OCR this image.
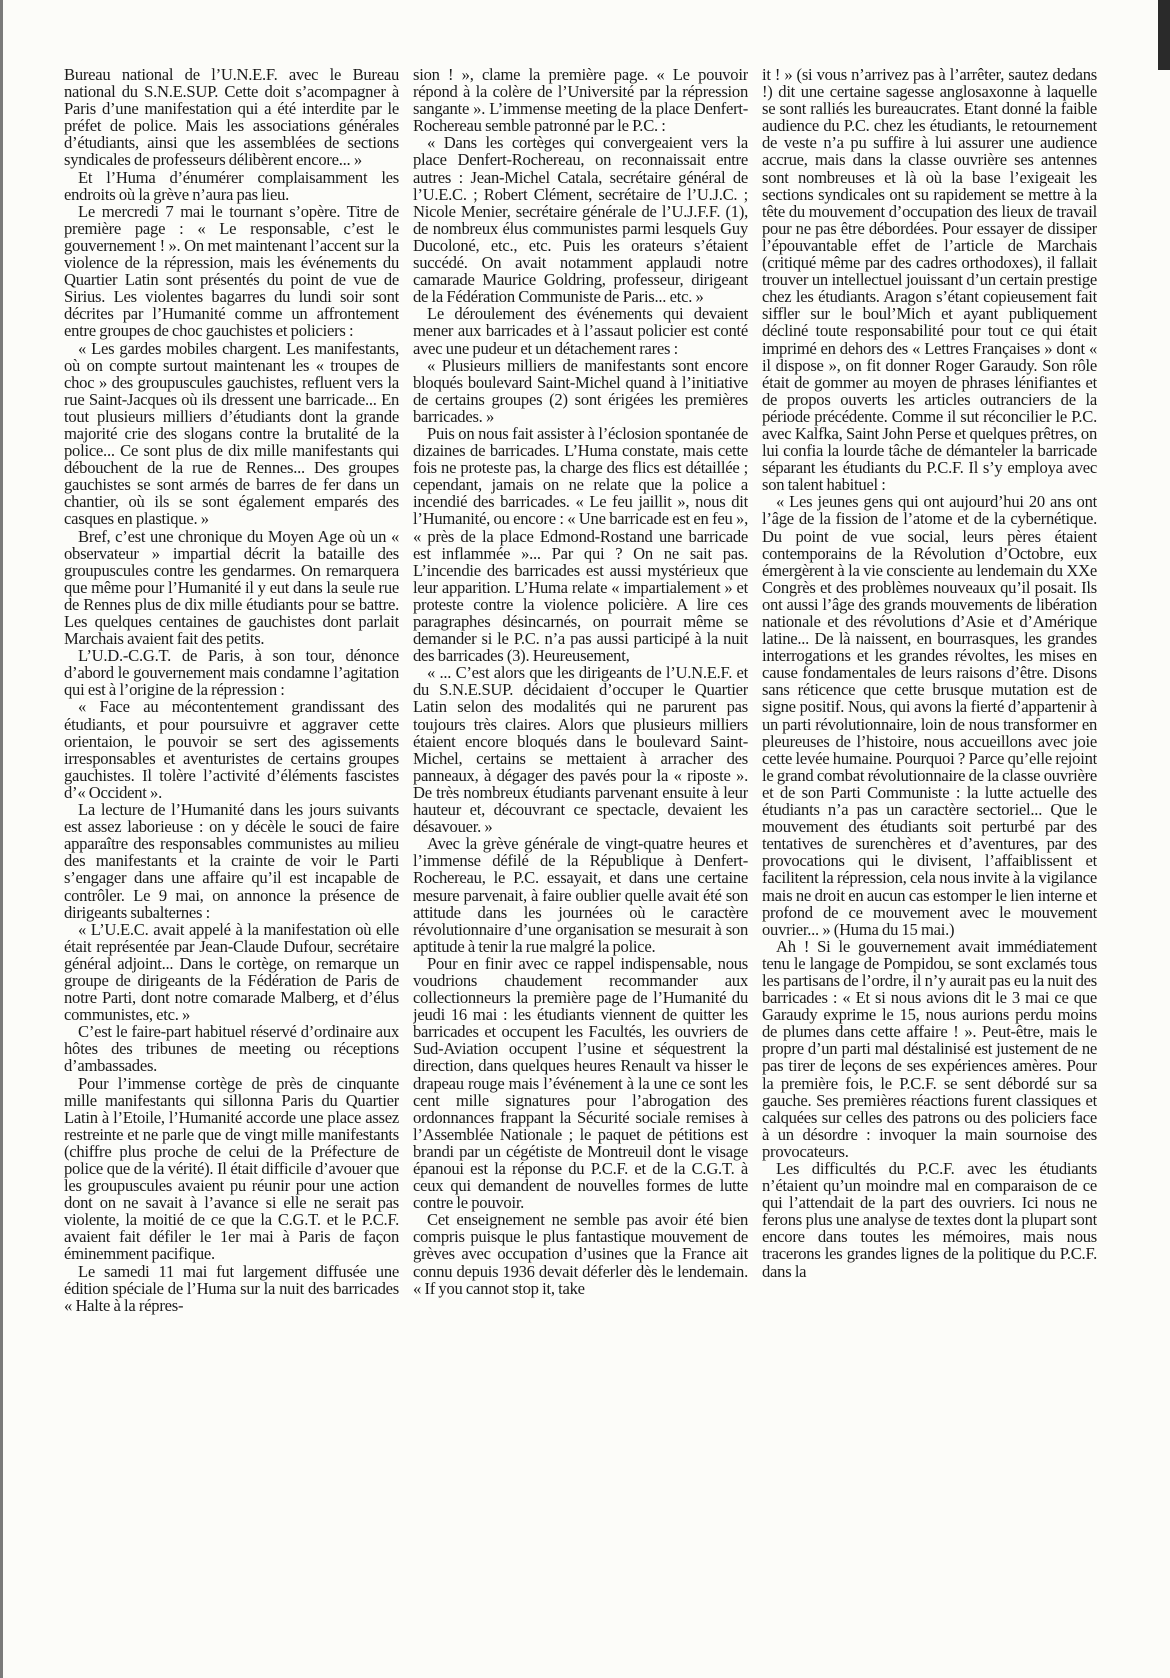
Bureau national de l’U.N.E.F. avec le Bureau national du S.N.E.SUP. Cette doit s’acompagner à Paris d’une manifestation qui a été interdite par le préfet de police. Mais les associations générales d’étudiants, ainsi que les assemblées de sections syndicales de professeurs délibèrent encore... »

Et l’Huma d’énumérer complaisamment les endroits où la grève n’aura pas lieu.

Le mercredi 7 mai le tournant s’opère. Titre de première page : « Le responsable, c’est le gouvernement ! ». On met maintenant l’accent sur la violence de la répression, mais les événements du Quartier Latin sont présentés du point de vue de Sirius. Les violentes bagarres du lundi soir sont décrites par l’Humanité comme un affrontement entre groupes de choc gauchistes et policiers :

« Les gardes mobiles chargent. Les manifestants, où on compte surtout maintenant les « troupes de choc » des groupuscules gauchistes, refluent vers la rue Saint-Jacques où ils dressent une barricade... En tout plusieurs milliers d’étudiants dont la grande majorité crie des slogans contre la brutalité de la police... Ce sont plus de dix mille manifestants qui débouchent de la rue de Rennes... Des groupes gauchistes se sont armés de barres de fer dans un chantier, où ils se sont également emparés des casques en plastique. »

Bref, c’est une chronique du Moyen Age où un « observateur » impartial décrit la bataille des groupuscules contre les gendarmes. On remarquera que même pour l’Humanité il y eut dans la seule rue de Rennes plus de dix mille étudiants pour se battre. Les quelques centaines de gauchistes dont parlait Marchais avaient fait des petits.

L’U.D.-C.G.T. de Paris, à son tour, dénonce d’abord le gouvernement mais condamne l’agitation qui est à l’origine de la répression :

« Face au mécontentement grandissant des étudiants, et pour poursuivre et aggraver cette orientaion, le pouvoir se sert des agissements irresponsables et aventuristes de certains groupes gauchistes. Il tolère l’activité d’éléments fascistes d’« Occident ».

La lecture de l’Humanité dans les jours suivants est assez laborieuse : on y décèle le souci de faire apparaître des responsables communistes au milieu des manifestants et la crainte de voir le Parti s’engager dans une affaire qu’il est incapable de contrôler. Le 9 mai, on annonce la présence de dirigeants subalternes :

« L’U.E.C. avait appelé à la manifestation où elle était représentée par Jean-Claude Dufour, secrétaire général adjoint... Dans le cortège, on remarque un groupe de dirigeants de la Fédération de Paris de notre Parti, dont notre comarade Malberg, et d’élus communistes, etc. »

C’est le faire-part habituel réservé d’ordinaire aux hôtes des tribunes de meeting ou réceptions d’ambassades.

Pour l’immense cortège de près de cinquante mille manifestants qui sillonna Paris du Quartier Latin à l’Etoile, l’Humanité accorde une place assez restreinte et ne parle que de vingt mille manifestants (chiffre plus proche de celui de la Préfecture de police que de la vérité). Il était difficile d’avouer que les groupuscules avaient pu réunir pour une action dont on ne savait à l’avance si elle ne serait pas violente, la moitié de ce que la C.G.T. et le P.C.F. avaient fait défiler le 1er mai à Paris de façon éminemment pacifique.

Le samedi 11 mai fut largement diffusée une édition spéciale de l’Huma sur la nuit des barricades « Halte à la répres-

sion ! », clame la première page. « Le pouvoir répond à la colère de l’Université par la répression sangante ». L’immense meeting de la place Denfert-Rochereau semble patronné par le P.C. :

« Dans les cortèges qui convergeaient vers la place Denfert-Rochereau, on reconnaissait entre autres : Jean-Michel Catala, secrétaire général de l’U.E.C. ; Robert Clément, secrétaire de l’U.J.C. ; Nicole Menier, secrétaire générale de l’U.J.F.F. (1), de nombreux élus communistes parmi lesquels Guy Ducoloné, etc., etc. Puis les orateurs s’étaient succédé. On avait notamment applaudi notre camarade Maurice Goldring, professeur, dirigeant de la Fédération Communiste de Paris... etc. »

Le déroulement des événements qui devaient mener aux barricades et à l’assaut policier est conté avec une pudeur et un détachement rares :

« Plusieurs milliers de manifestants sont encore bloqués boulevard Saint-Michel quand à l’initiative de certains groupes (2) sont érigées les premières barricades. »

Puis on nous fait assister à l’éclosion spontanée de dizaines de barricades. L’Huma constate, mais cette fois ne proteste pas, la charge des flics est détaillée ; cependant, jamais on ne relate que la police a incendié des barricades. « Le feu jaillit », nous dit l’Humanité, ou encore : « Une barricade est en feu », « près de la place Edmond-Rostand une barricade est inflammée »... Par qui ? On ne sait pas. L’incendie des barricades est aussi mystérieux que leur apparition. L’Huma relate « impartialement » et proteste contre la violence policière. A lire ces paragraphes désincarnés, on pourrait même se demander si le P.C. n’a pas aussi participé à la nuit des barricades (3). Heureusement,

« ... C’est alors que les dirigeants de l’U.N.E.F. et du S.N.E.SUP. décidaient d’occuper le Quartier Latin selon des modalités qui ne parurent pas toujours très claires. Alors que plusieurs milliers étaient encore bloqués dans le boulevard Saint-Michel, certains se mettaient à arracher des panneaux, à dégager des pavés pour la « riposte ». De très nombreux étudiants parvenant ensuite à leur hauteur et, découvrant ce spectacle, devaient les désavouer. »

Avec la grève générale de vingt-quatre heures et l’immense défilé de la République à Denfert-Rochereau, le P.C. essayait, et dans une certaine mesure parvenait, à faire oublier quelle avait été son attitude dans les journées où le caractère révolutionnaire d’une organisation se mesurait à son aptitude à tenir la rue malgré la police.

Pour en finir avec ce rappel indispensable, nous voudrions chaudement recommander aux collectionneurs la première page de l’Humanité du jeudi 16 mai : les étudiants viennent de quitter les barricades et occupent les Facultés, les ouvriers de Sud-Aviation occupent l’usine et séquestrent la direction, dans quelques heures Renault va hisser le drapeau rouge mais l’événement à la une ce sont les cent mille signatures pour l’abrogation des ordonnances frappant la Sécurité sociale remises à l’Assemblée Nationale ; le paquet de pétitions est brandi par un cégétiste de Montreuil dont le visage épanoui est la réponse du P.C.F. et de la C.G.T. à ceux qui demandent de nouvelles formes de lutte contre le pouvoir.

Cet enseignement ne semble pas avoir été bien compris puisque le plus fantastique mouvement de grèves avec occupation d’usines que la France ait connu depuis 1936 devait déferler dès le lendemain. « If you cannot stop it, take

it ! » (si vous n’arrivez pas à l’arrêter, sautez dedans !) dit une certaine sagesse anglosaxonne à laquelle se sont ralliés les bureaucrates. Etant donné la faible audience du P.C. chez les étudiants, le retournement de veste n’a pu suffire à lui assurer une audience accrue, mais dans la classe ouvrière ses antennes sont nombreuses et là où la base l’exigeait les sections syndicales ont su rapidement se mettre à la tête du mouvement d’occupation des lieux de travail pour ne pas être débordées. Pour essayer de dissiper l’épouvantable effet de l’article de Marchais (critiqué même par des cadres orthodoxes), il fallait trouver un intellectuel jouissant d’un certain prestige chez les étudiants. Aragon s’étant copieusement fait siffler sur le boul’Mich et ayant publiquement décliné toute responsabilité pour tout ce qui était imprimé en dehors des « Lettres Françaises » dont « il dispose », on fit donner Roger Garaudy. Son rôle était de gommer au moyen de phrases lénifiantes et de propos ouverts les articles outranciers de la période précédente. Comme il sut réconcilier le P.C. avec Kalfka, Saint John Perse et quelques prêtres, on lui confia la lourde tâche de démanteler la barricade séparant les étudiants du P.C.F. Il s’y employa avec son talent habituel :

« Les jeunes gens qui ont aujourd’hui 20 ans ont l’âge de la fission de l’atome et de la cybernétique. Du point de vue social, leurs pères étaient contemporains de la Révolution d’Octobre, eux émergèrent à la vie consciente au lendemain du XXe Congrès et des problèmes nouveaux qu’il posait. Ils ont aussi l’âge des grands mouvements de libération nationale et des révolutions d’Asie et d’Amérique latine... De là naissent, en bourrasques, les grandes interrogations et les grandes révoltes, les mises en cause fondamentales de leurs raisons d’être. Disons sans réticence que cette brusque mutation est de signe positif. Nous, qui avons la fierté d’appartenir à un parti révolutionnaire, loin de nous transformer en pleureuses de l’histoire, nous accueillons avec joie cette levée humaine. Pourquoi ? Parce qu’elle rejoint le grand combat révolutionnaire de la classe ouvrière et de son Parti Communiste : la lutte actuelle des étudiants n’a pas un caractère sectoriel... Que le mouvement des étudiants soit perturbé par des tentatives de surenchères et d’aventures, par des provocations qui le divisent, l’affaiblissent et facilitent la répression, cela nous invite à la vigilance mais ne droit en aucun cas estomper le lien interne et profond de ce mouvement avec le mouvement ouvrier... » (Huma du 15 mai.)

Ah ! Si le gouvernement avait immédiatement tenu le langage de Pompidou, se sont exclamés tous les partisans de l’ordre, il n’y aurait pas eu la nuit des barricades : « Et si nous avions dit le 3 mai ce que Garaudy exprime le 15, nous aurions perdu moins de plumes dans cette affaire ! ». Peut-être, mais le propre d’un parti mal déstalinisé est justement de ne pas tirer de leçons de ses expériences amères. Pour la première fois, le P.C.F. se sent débordé sur sa gauche. Ses premières réactions furent classiques et calquées sur celles des patrons ou des policiers face à un désordre : invoquer la main sournoise des provocateurs.

Les difficultés du P.C.F. avec les étudiants n’étaient qu’un moindre mal en comparaison de ce qui l’attendait de la part des ouvriers. Ici nous ne ferons plus une analyse de textes dont la plupart sont encore dans toutes les mémoires, mais nous tracerons les grandes lignes de la politique du P.C.F. dans la
